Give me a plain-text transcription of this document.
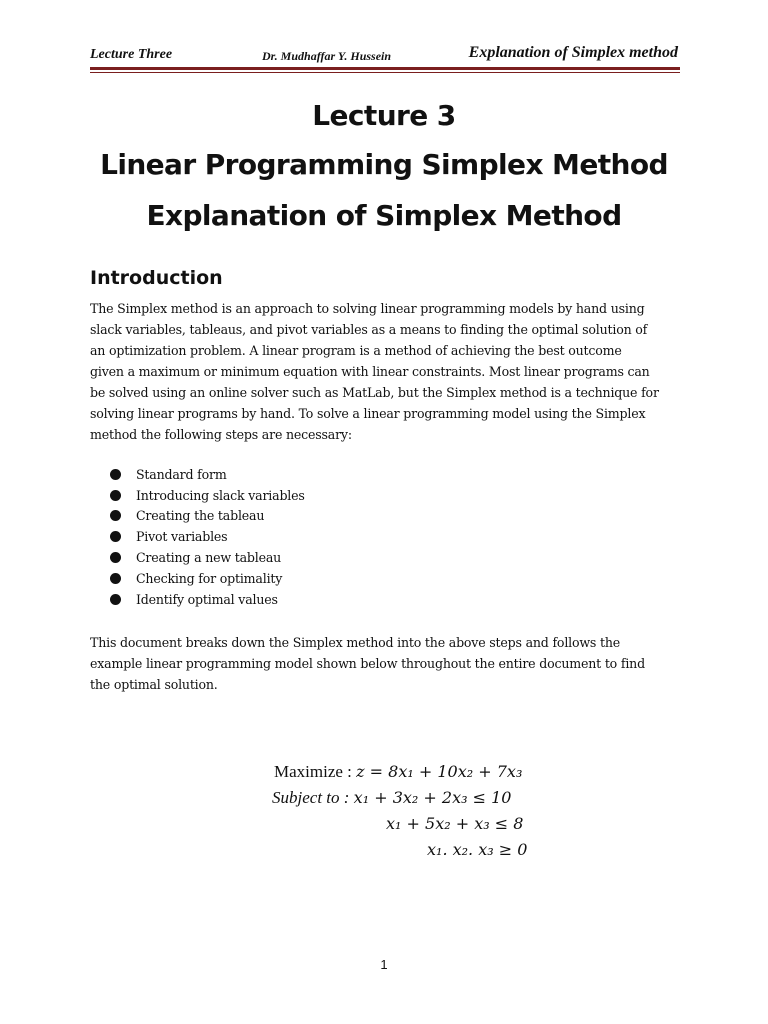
Lecture Three	Dr. Mudhaffar Y. Hussein	Explanation of Simplex method
Lecture 3
Linear Programming Simplex Method
Explanation of Simplex Method
Introduction
The Simplex method is an approach to solving linear programming models by hand using
slack variables, tableaus, and pivot variables as a means to finding the optimal solution of
an optimization problem. A linear program is a method of achieving the best outcome
given a maximum or minimum equation with linear constraints. Most linear programs can
be solved using an online solver such as MatLab, but the Simplex method is a technique for
solving linear programs by hand. To solve a linear programming model using the Simplex
method the following steps are necessary:
Standard form
Introducing slack variables
Creating the tableau
Pivot variables
Creating a new tableau
Checking for optimality
Identify optimal values
This document breaks down the Simplex method into the above steps and follows the
example linear programming model shown below throughout the entire document to find
the optimal solution.
Maximize : z = 8x₁ + 10x₂ + 7x₃
Subject to : x₁ + 3x₂ + 2x₃ ≤ 10
x₁ + 5x₂ + x₃ ≤ 8
x₁. x₂. x₃ ≥ 0
1
